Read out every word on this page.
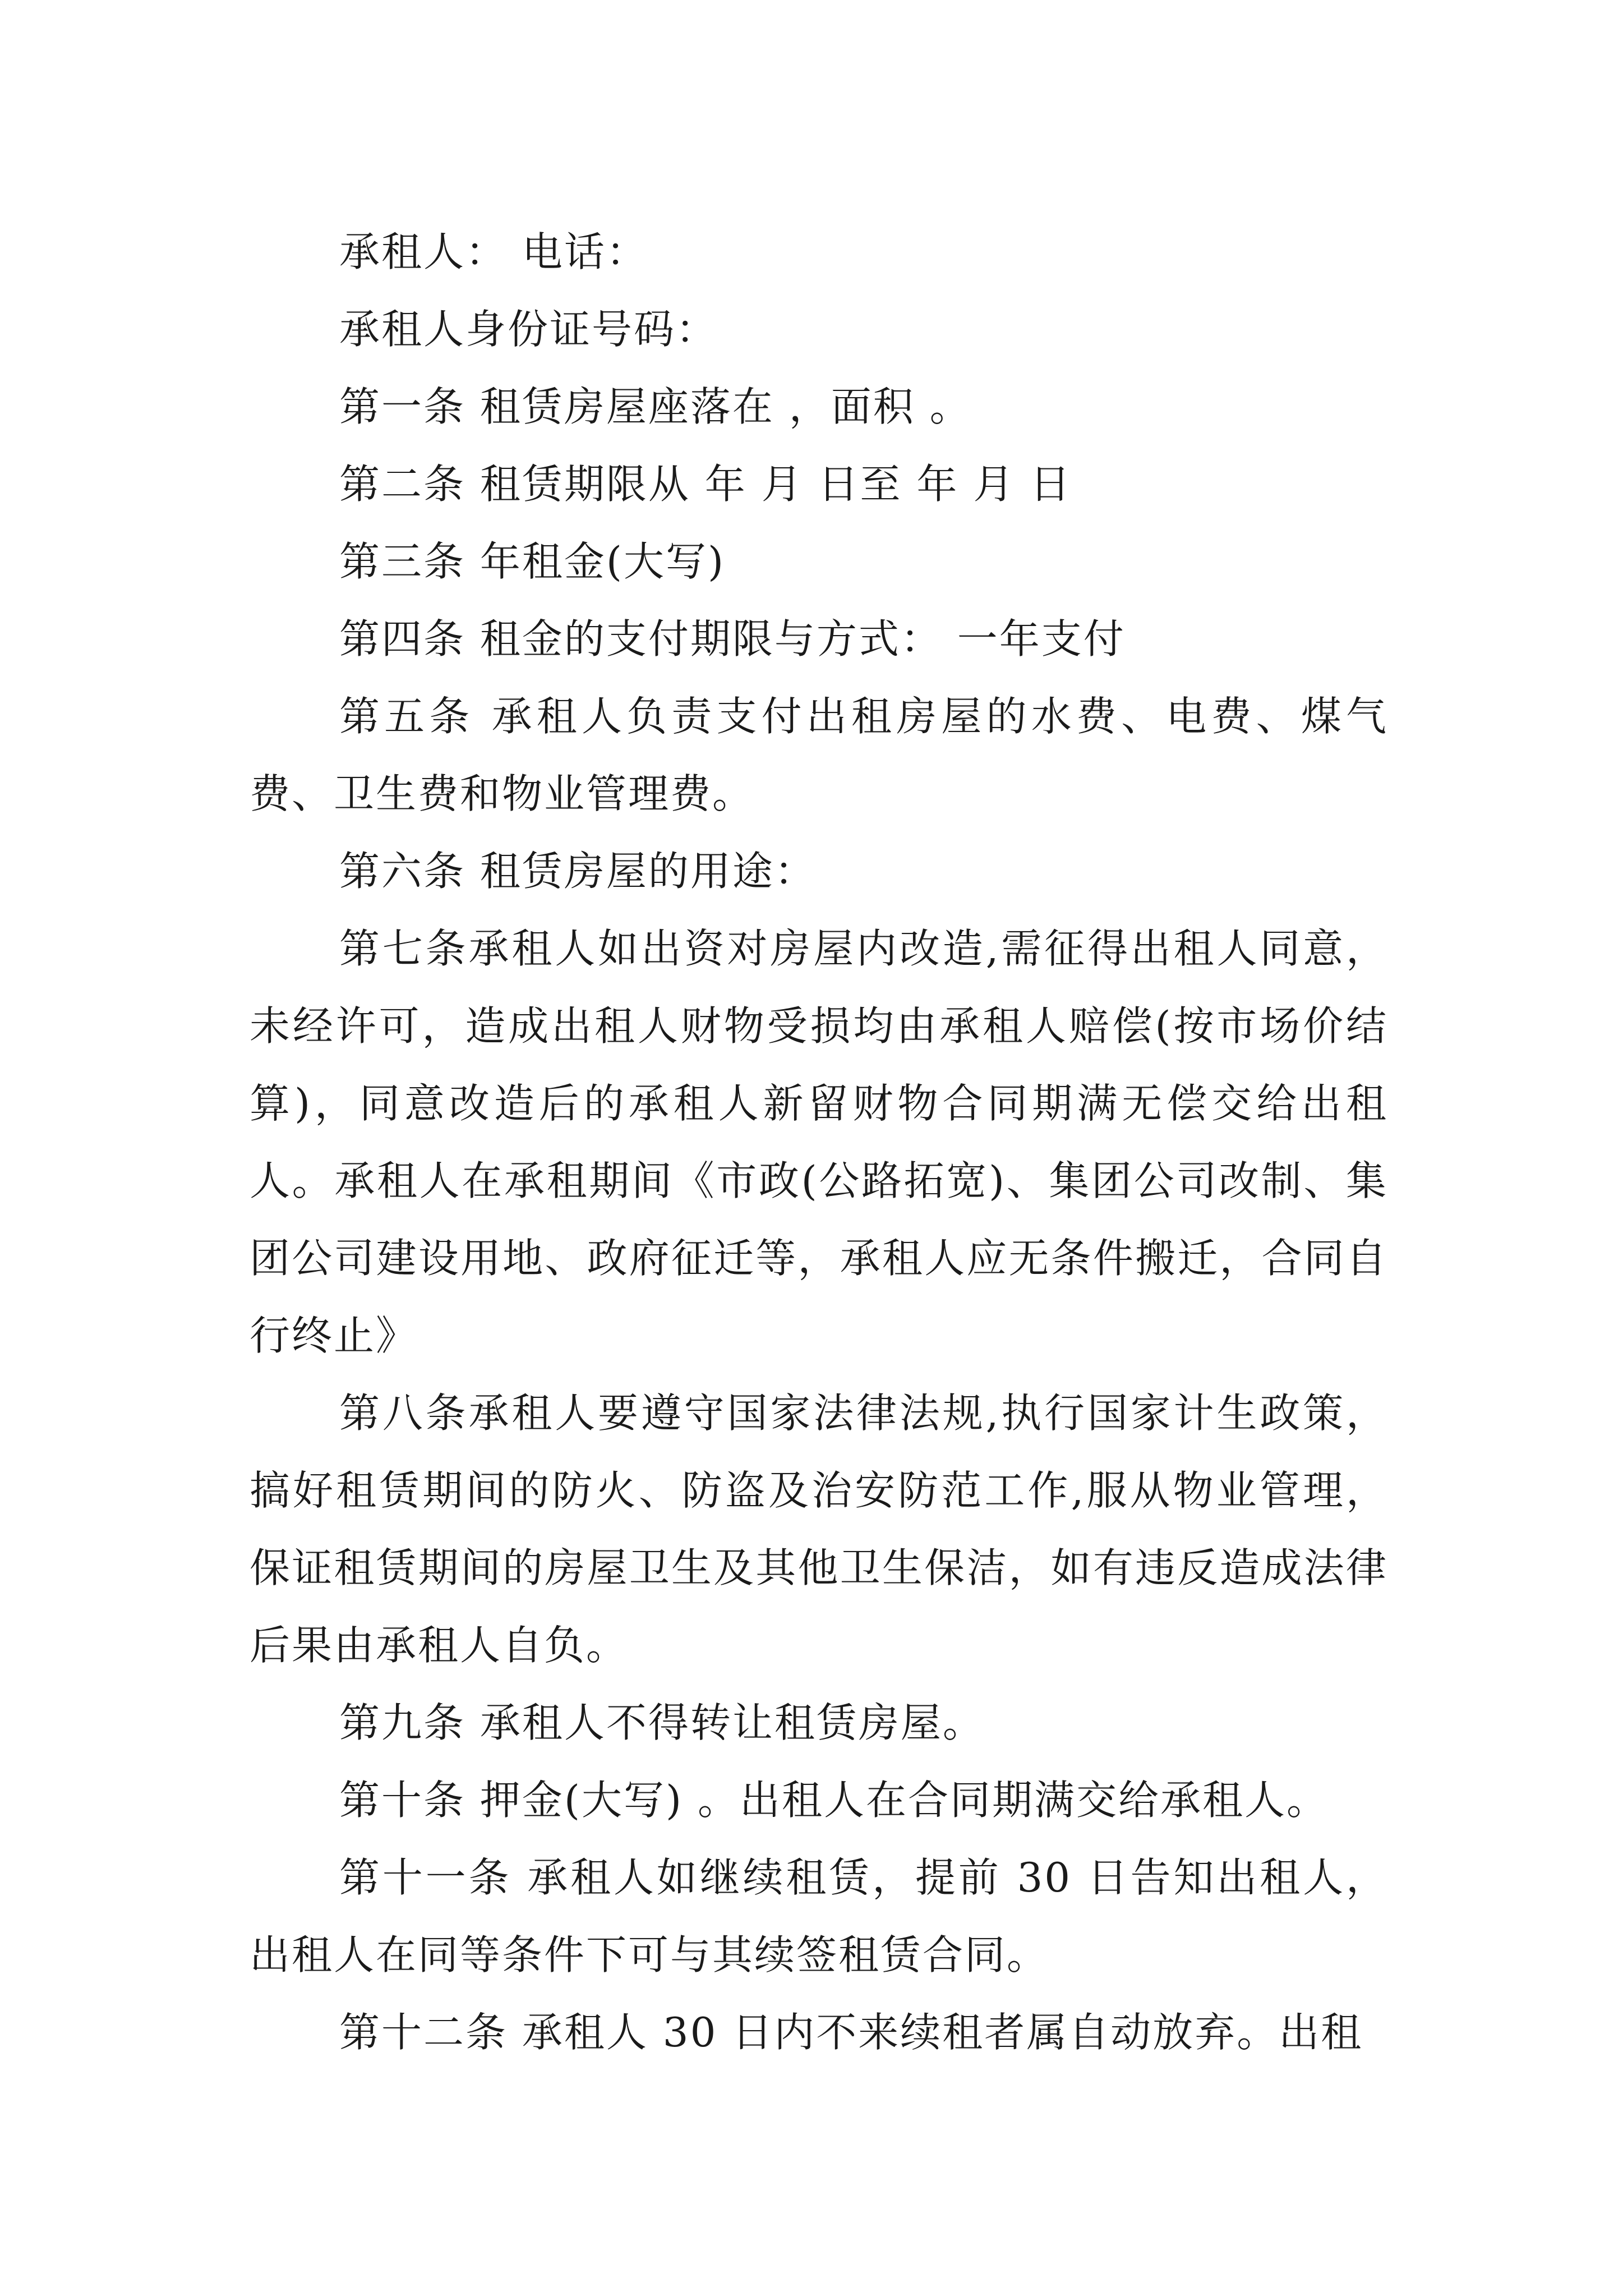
承租人： 电话：

承租人身份证号码：

第一条 租赁房屋座落在 ，面积 。

第二条 租赁期限从 年 月 日至 年 月 日

第三条 年租金(大写)

第四条 租金的支付期限与方式： 一年支付

第五条 承租人负责支付出租房屋的水费、电费、煤气费、卫生费和物业管理费。

第六条 租赁房屋的用途：

第七条承租人如出资对房屋内改造,需征得出租人同意，未经许可，造成出租人财物受损均由承租人赔偿(按市场价结算)，同意改造后的承租人新留财物合同期满无偿交给出租人。承租人在承租期间《市政(公路拓宽)、集团公司改制、集团公司建设用地、政府征迁等，承租人应无条件搬迁，合同自行终止》

第八条承租人要遵守国家法律法规,执行国家计生政策，搞好租赁期间的防火、防盗及治安防范工作,服从物业管理，保证租赁期间的房屋卫生及其他卫生保洁，如有违反造成法律后果由承租人自负。

第九条 承租人不得转让租赁房屋。

第十条 押金(大写) 。出租人在合同期满交给承租人。

第十一条 承租人如继续租赁，提前 30 日告知出租人，出租人在同等条件下可与其续签租赁合同。

第十二条 承租人 30 日内不来续租者属自动放弃。出租
